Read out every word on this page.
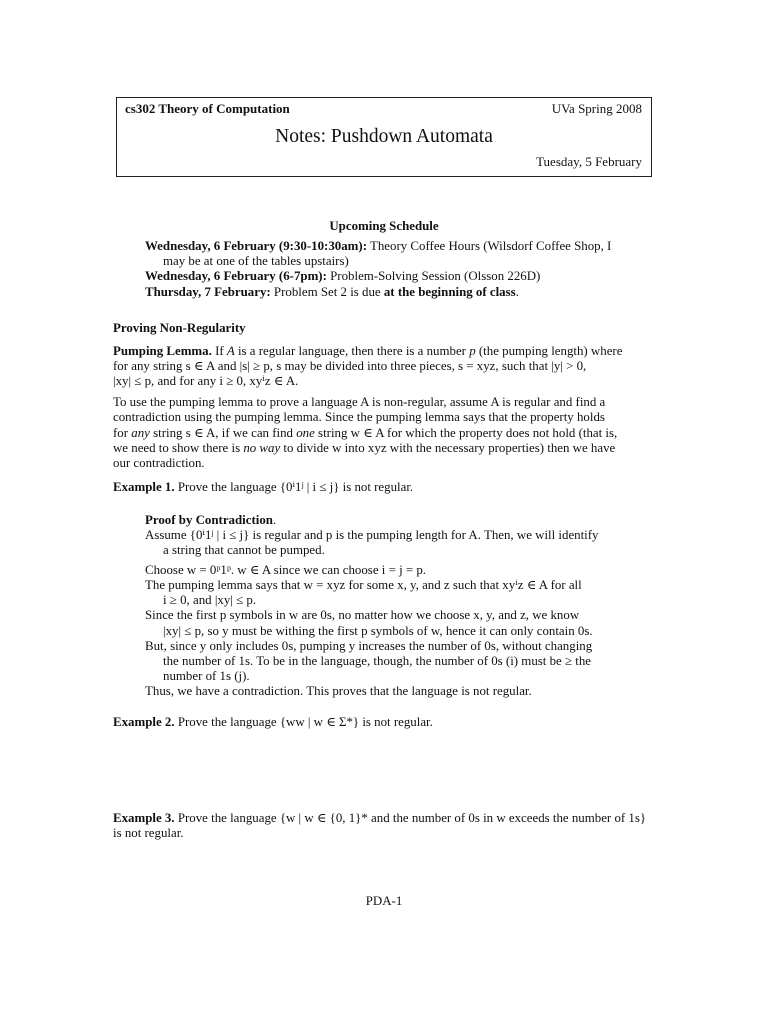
cs302 Theory of Computation	UVa Spring 2008
Notes: Pushdown Automata
Tuesday, 5 February
Upcoming Schedule
Wednesday, 6 February (9:30-10:30am): Theory Coffee Hours (Wilsdorf Coffee Shop, I
may be at one of the tables upstairs)
Wednesday, 6 February (6-7pm): Problem-Solving Session (Olsson 226D)
Thursday, 7 February: Problem Set 2 is due at the beginning of class.
Proving Non-Regularity
Pumping Lemma. If A is a regular language, then there is a number p (the pumping length) where
for any string s ∈ A and |s| ≥ p, s may be divided into three pieces, s = xyz, such that |y| > 0,
|xy| ≤ p, and for any i ≥ 0, xyⁱz ∈ A.
To use the pumping lemma to prove a language A is non-regular, assume A is regular and find a
contradiction using the pumping lemma. Since the pumping lemma says that the property holds
for any string s ∈ A, if we can find one string w ∈ A for which the property does not hold (that is,
we need to show there is no way to divide w into xyz with the necessary properties) then we have
our contradiction.
Example 1. Prove the language {0ⁱ1ʲ | i ≤ j} is not regular.
Proof by Contradiction.
Assume {0ⁱ1ʲ | i ≤ j} is regular and p is the pumping length for A. Then, we will identify
a string that cannot be pumped.
Choose w = 0ᵖ1ᵖ. w ∈ A since we can choose i = j = p.
The pumping lemma says that w = xyz for some x, y, and z such that xyⁱz ∈ A for all
i ≥ 0, and |xy| ≤ p.
Since the first p symbols in w are 0s, no matter how we choose x, y, and z, we know
|xy| ≤ p, so y must be withing the first p symbols of w, hence it can only contain 0s.
But, since y only includes 0s, pumping y increases the number of 0s, without changing
the number of 1s. To be in the language, though, the number of 0s (i) must be ≥ the
number of 1s (j).
Thus, we have a contradiction. This proves that the language is not regular.
Example 2. Prove the language {ww | w ∈ Σ*} is not regular.
Example 3. Prove the language {w | w ∈ {0, 1}* and the number of 0s in w exceeds the number of 1s}
is not regular.
PDA-1
